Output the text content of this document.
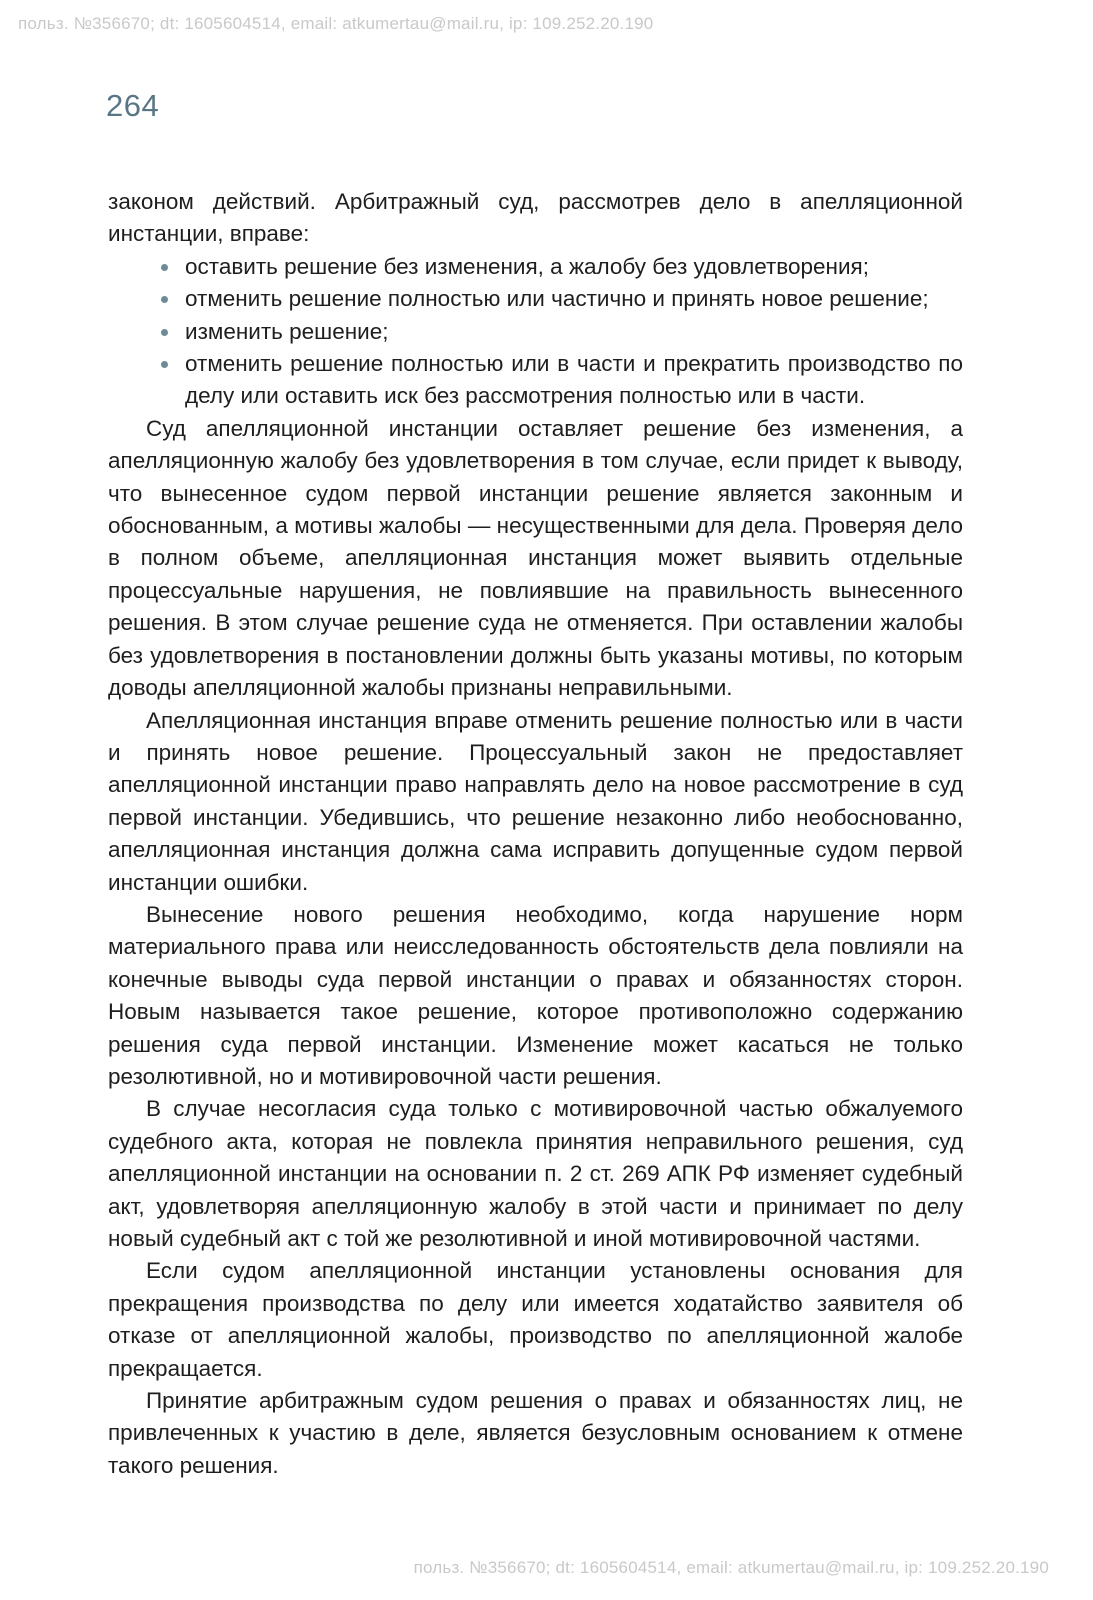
польз. №356670; dt: 1605604514, email: atkumertau@mail.ru, ip: 109.252.20.190
264

законом действий. Арбитражный суд, рассмотрев дело в апелляционной инстанции, вправе:

оставить решение без изменения, а жалобу без удовлетворения;
отменить решение полностью или частично и принять новое решение;
изменить решение;
отменить решение полностью или в части и прекратить производство по делу или оставить иск без рассмотрения полностью или в части.

Суд апелляционной инстанции оставляет решение без изменения, а апелляционную жалобу без удовлетворения в том случае, если придет к выводу, что вынесенное судом первой инстанции решение является законным и обоснованным, а мотивы жалобы — несущественными для дела. Проверяя дело в полном объеме, апелляционная инстанция может выявить отдельные процессуальные нарушения, не повлиявшие на правильность вынесенного решения. В этом случае решение суда не отменяется. При оставлении жалобы без удовлетворения в постановлении должны быть указаны мотивы, по которым доводы апелляционной жалобы признаны неправильными.

Апелляционная инстанция вправе отменить решение полностью или в части и принять новое решение. Процессуальный закон не предоставляет апелляционной инстанции право направлять дело на новое рассмотрение в суд первой инстанции. Убедившись, что решение незаконно либо необоснованно, апелляционная инстанция должна сама исправить допущенные судом первой инстанции ошибки.

Вынесение нового решения необходимо, когда нарушение норм материального права или неисследованность обстоятельств дела повлияли на конечные выводы суда первой инстанции о правах и обязанностях сторон. Новым называется такое решение, которое противоположно содержанию решения суда первой инстанции. Изменение может касаться не только резолютивной, но и мотивировочной части решения.

В случае несогласия суда только с мотивировочной частью обжалуемого судебного акта, которая не повлекла принятия неправильного решения, суд апелляционной инстанции на основании п. 2 ст. 269 АПК РФ изменяет судебный акт, удовлетворяя апелляционную жалобу в этой части и принимает по делу новый судебный акт с той же резолютивной и иной мотивировочной частями.

Если судом апелляционной инстанции установлены основания для прекращения производства по делу или имеется ходатайство заявителя об отказе от апелляционной жалобы, производство по апелляционной жалобе прекращается.

Принятие арбитражным судом решения о правах и обязанностях лиц, не привлеченных к участию в деле, является безусловным основанием к отмене такого решения.

польз. №356670; dt: 1605604514, email: atkumertau@mail.ru, ip: 109.252.20.190
